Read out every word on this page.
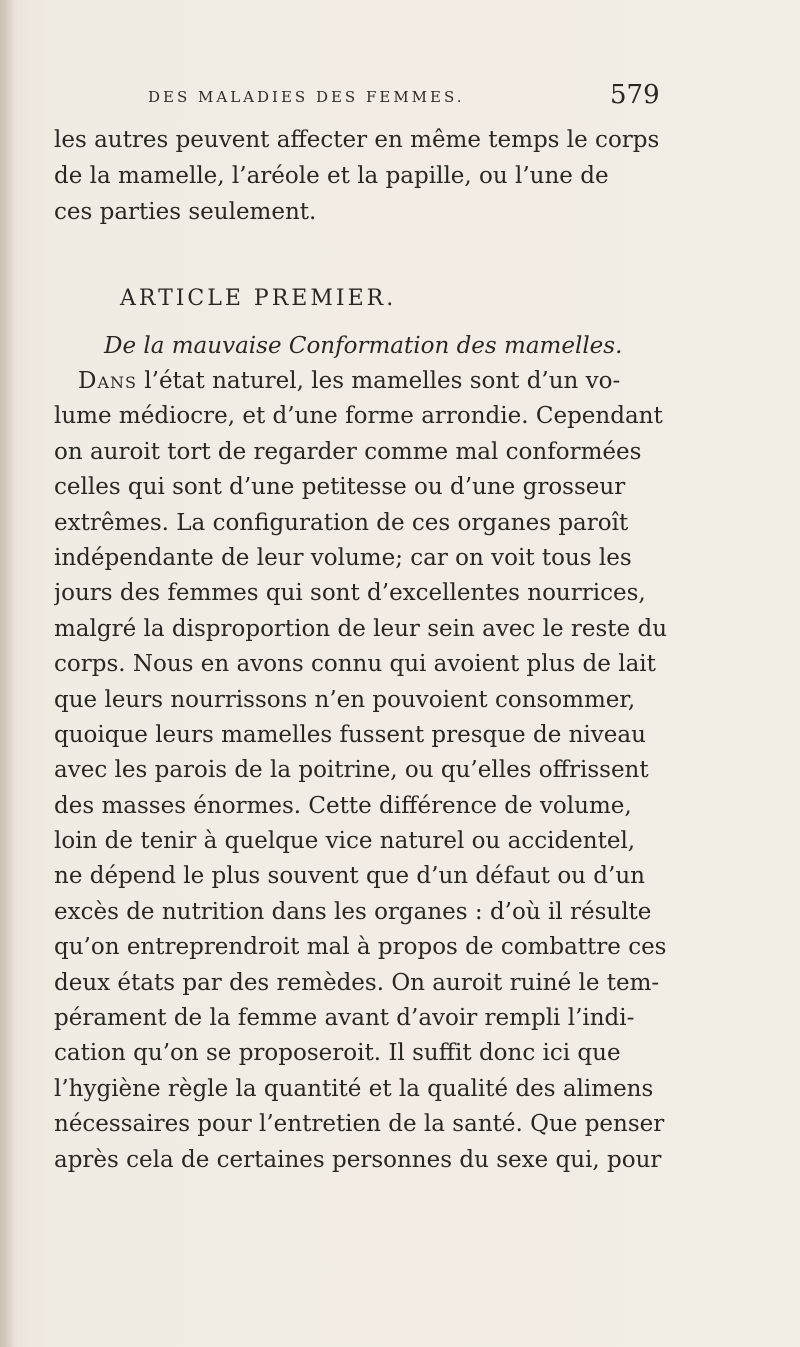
DES MALADIES DES FEMMES.	579
les autres peuvent affecter en même temps le corps
de la mamelle, l’aréole et la papille, ou l’une de
ces parties seulement.
ARTICLE PREMIER.
De la mauvaise Conformation des mamelles.
Dans l’état naturel, les mamelles sont d’un vo-
lume médiocre, et d’une forme arrondie. Cependant
on auroit tort de regarder comme mal conformées
celles qui sont d’une petitesse ou d’une grosseur
extrêmes. La configuration de ces organes paroît
indépendante de leur volume; car on voit tous les
jours des femmes qui sont d’excellentes nourrices,
malgré la disproportion de leur sein avec le reste du
corps. Nous en avons connu qui avoient plus de lait
que leurs nourrissons n’en pouvoient consommer,
quoique leurs mamelles fussent presque de niveau
avec les parois de la poitrine, ou qu’elles offrissent
des masses énormes. Cette différence de volume,
loin de tenir à quelque vice naturel ou accidentel,
ne dépend le plus souvent que d’un défaut ou d’un
excès de nutrition dans les organes : d’où il résulte
qu’on entreprendroit mal à propos de combattre ces
deux états par des remèdes. On auroit ruiné le tem-
pérament de la femme avant d’avoir rempli l’indi-
cation qu’on se proposeroit. Il suffit donc ici que
l’hygiène règle la quantité et la qualité des alimens
nécessaires pour l’entretien de la santé. Que penser
après cela de certaines personnes du sexe qui, pour
